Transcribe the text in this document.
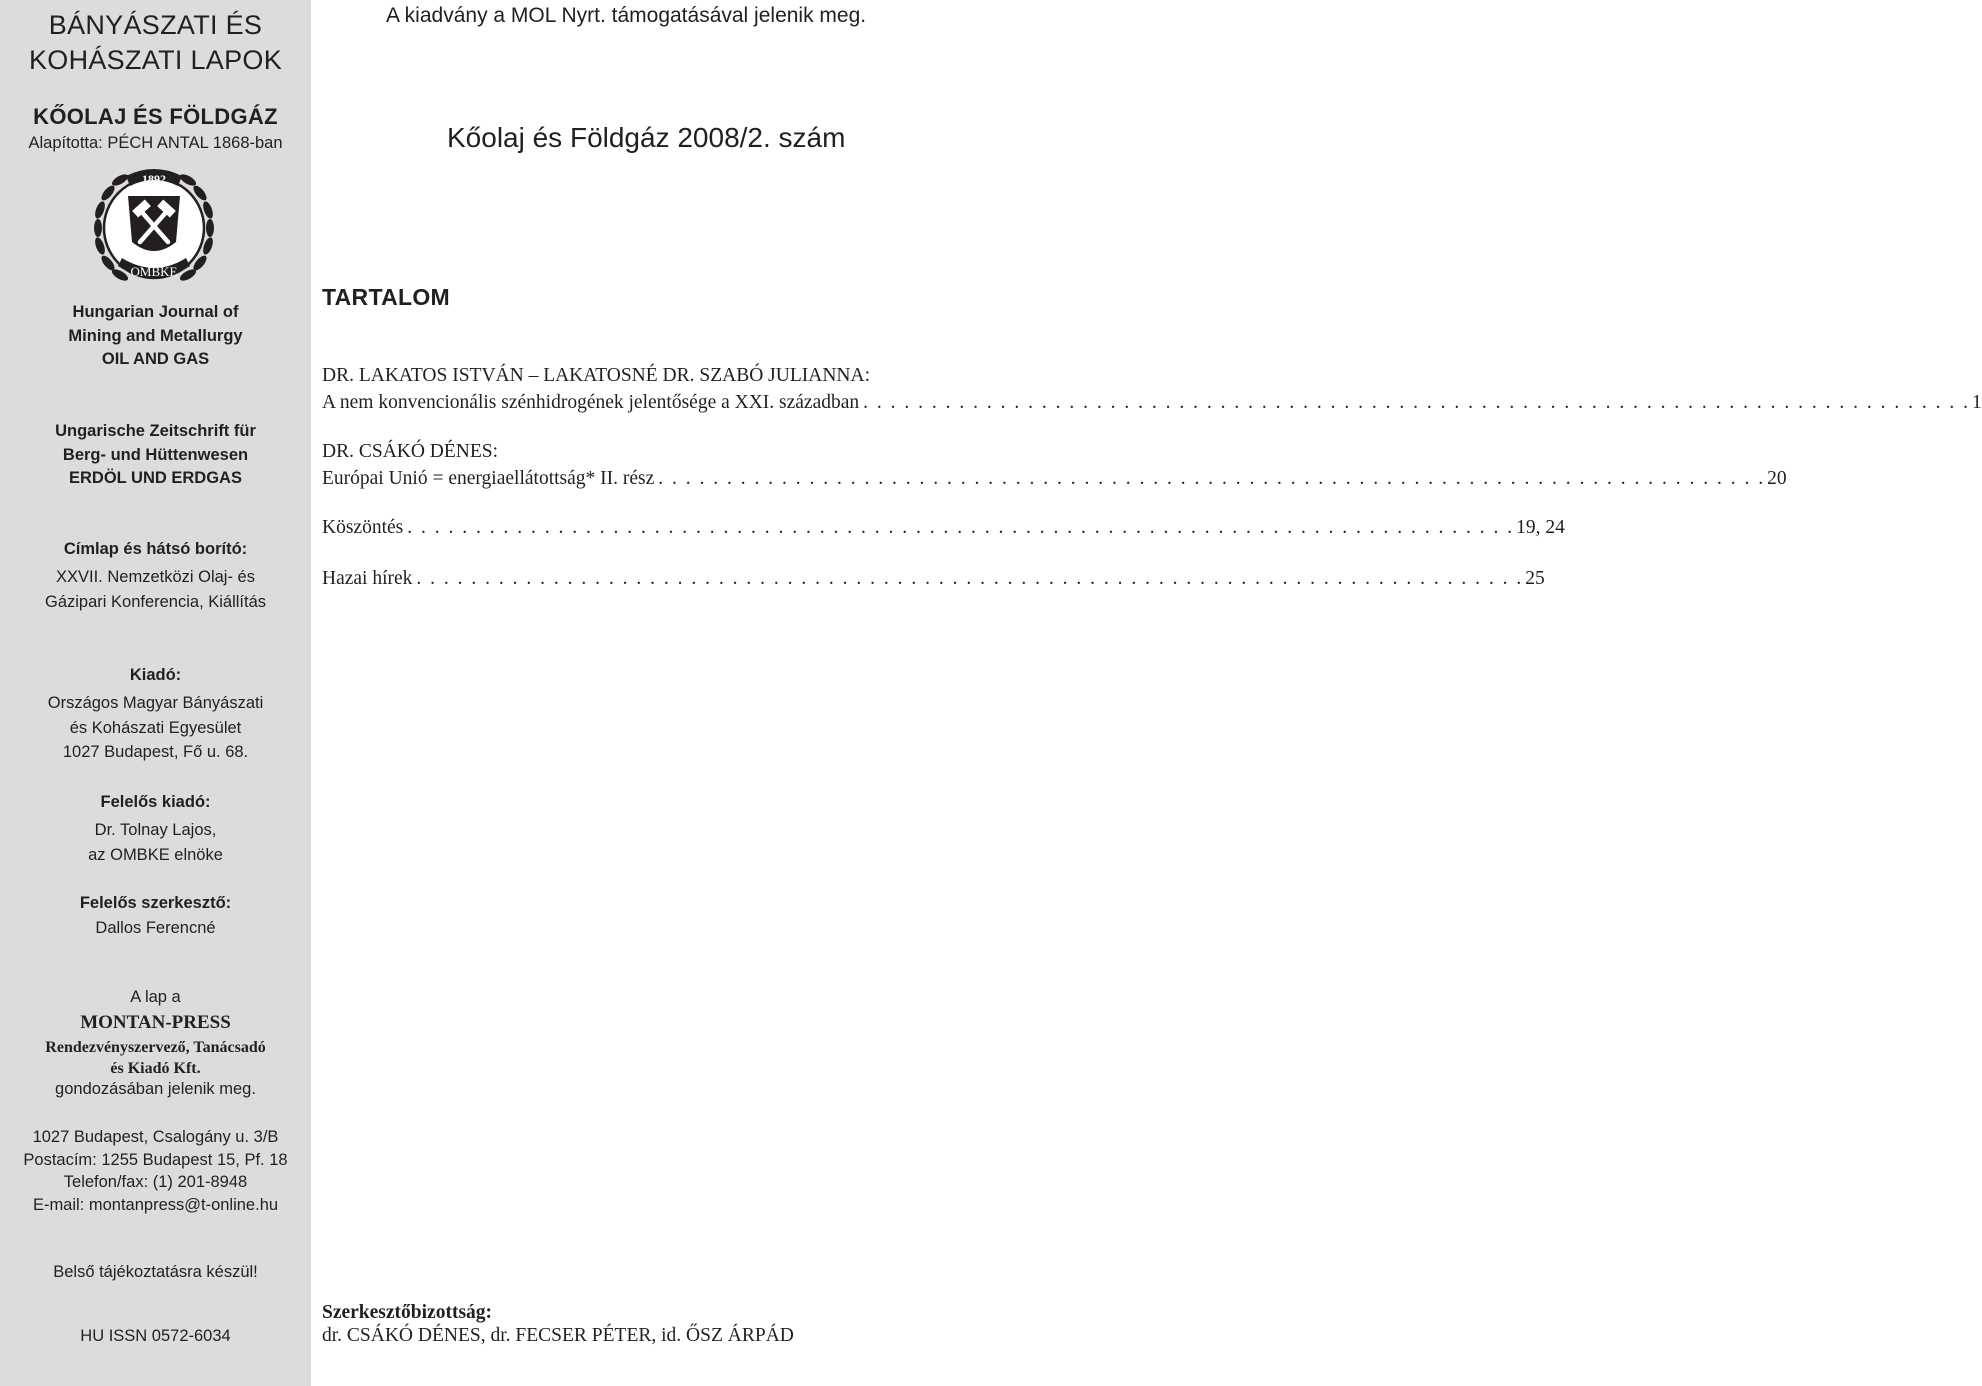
BÁNYÁSZATI ÉS
KOHÁSZATI LAPOK
KŐOLAJ ÉS FÖLDGÁZ
Alapította: PÉCH ANTAL 1868-ban
1892
OMBKE
Hungarian Journal of
Mining and Metallurgy
OIL AND GAS
Ungarische Zeitschrift für
Berg- und Hüttenwesen
ERDÖL UND ERDGAS
Címlap és hátsó borító:
XXVII. Nemzetközi Olaj- és
Gázipari Konferencia, Kiállítás
Kiadó:
Országos Magyar Bányászati
és Kohászati Egyesület
1027 Budapest, Fő u. 68.
Felelős kiadó:
Dr. Tolnay Lajos,
az OMBKE elnöke
Felelős szerkesztő:
Dallos Ferencné
A lap a
MONTAN-PRESS
Rendezvényszervező, Tanácsadó
és Kiadó Kft.
gondozásában jelenik meg.
1027 Budapest, Csalogány u. 3/B
Postacím: 1255 Budapest 15, Pf. 18
Telefon/fax: (1) 201-8948
E-mail: montanpress@t-online.hu
Belső tájékoztatásra készül!
HU ISSN 0572-6034
A kiadvány a MOL Nyrt. támogatásával jelenik meg.
Kőolaj és Földgáz 2008/2. szám
TARTALOM
DR. LAKATOS ISTVÁN – LAKATOSNÉ DR. SZABÓ JULIANNA:
A nem konvencionális szénhidrogének jelentősége a XXI. században . . . . . . . . . . . . . . . . . . . . . . . . . . . . . . . . . . . . . . . . . . . . . . . . . . . . . . . . . . . . . . . . . . . . . . . . . . . . . . . . . 1
DR. CSÁKÓ DÉNES:
Európai Unió = energiaellátottság* II. rész . . . . . . . . . . . . . . . . . . . . . . . . . . . . . . . . . . . . . . . . . . . . . . . . . . . . . . . . . . . . . . . . . . . . . . . . . . . . . . . . . 20
Köszöntés . . . . . . . . . . . . . . . . . . . . . . . . . . . . . . . . . . . . . . . . . . . . . . . . . . . . . . . . . . . . . . . . . . . . . . . . . . . . . . . . . 19, 24
Hazai hírek . . . . . . . . . . . . . . . . . . . . . . . . . . . . . . . . . . . . . . . . . . . . . . . . . . . . . . . . . . . . . . . . . . . . . . . . . . . . . . . . . 25
Szerkesztőbizottság:
dr. CSÁKÓ DÉNES, dr. FECSER PÉTER, id. ŐSZ ÁRPÁD
